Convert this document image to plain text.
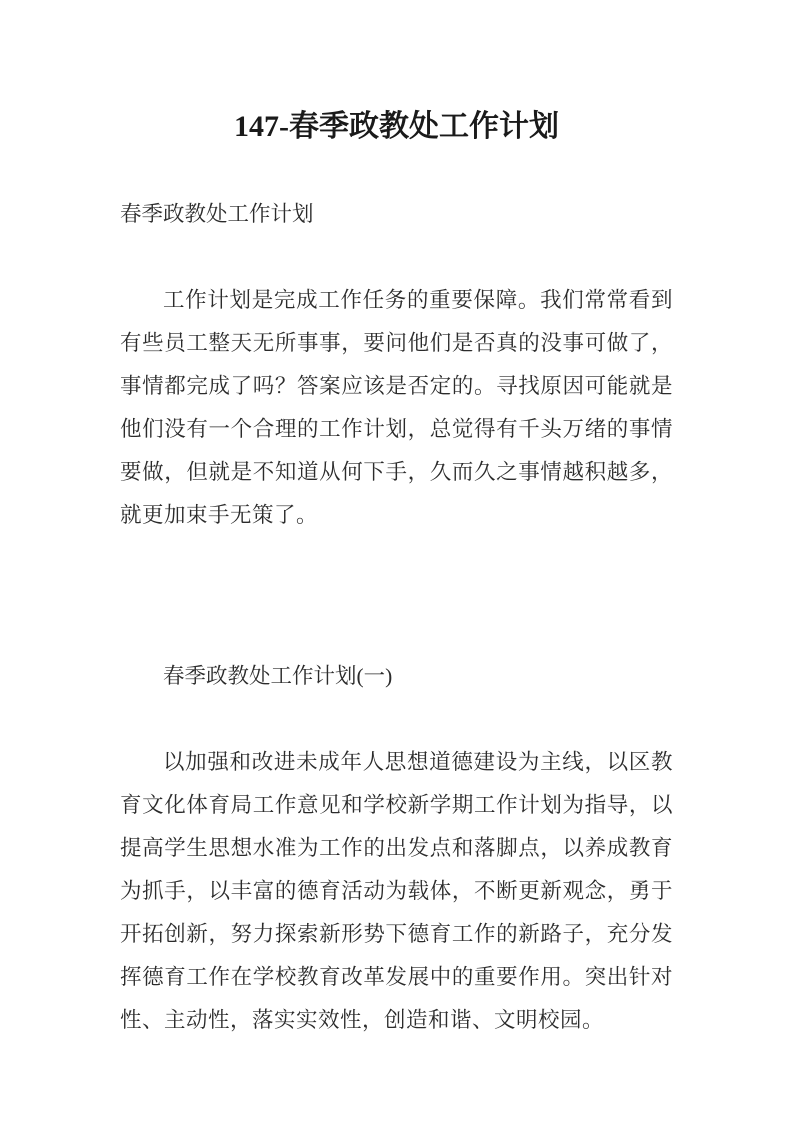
147-春季政教处工作计划

春季政教处工作计划

工作计划是完成工作任务的重要保障。我们常常看到有些员工整天无所事事，要问他们是否真的没事可做了，事情都完成了吗？答案应该是否定的。寻找原因可能就是他们没有一个合理的工作计划，总觉得有千头万绪的事情要做，但就是不知道从何下手，久而久之事情越积越多，就更加束手无策了。

春季政教处工作计划(一)

以加强和改进未成年人思想道德建设为主线，以区教育文化体育局工作意见和学校新学期工作计划为指导，以提高学生思想水准为工作的出发点和落脚点，以养成教育为抓手，以丰富的德育活动为载体，不断更新观念，勇于开拓创新，努力探索新形势下德育工作的新路子，充分发挥德育工作在学校教育改革发展中的重要作用。突出针对性、主动性，落实实效性，创造和谐、文明校园。
